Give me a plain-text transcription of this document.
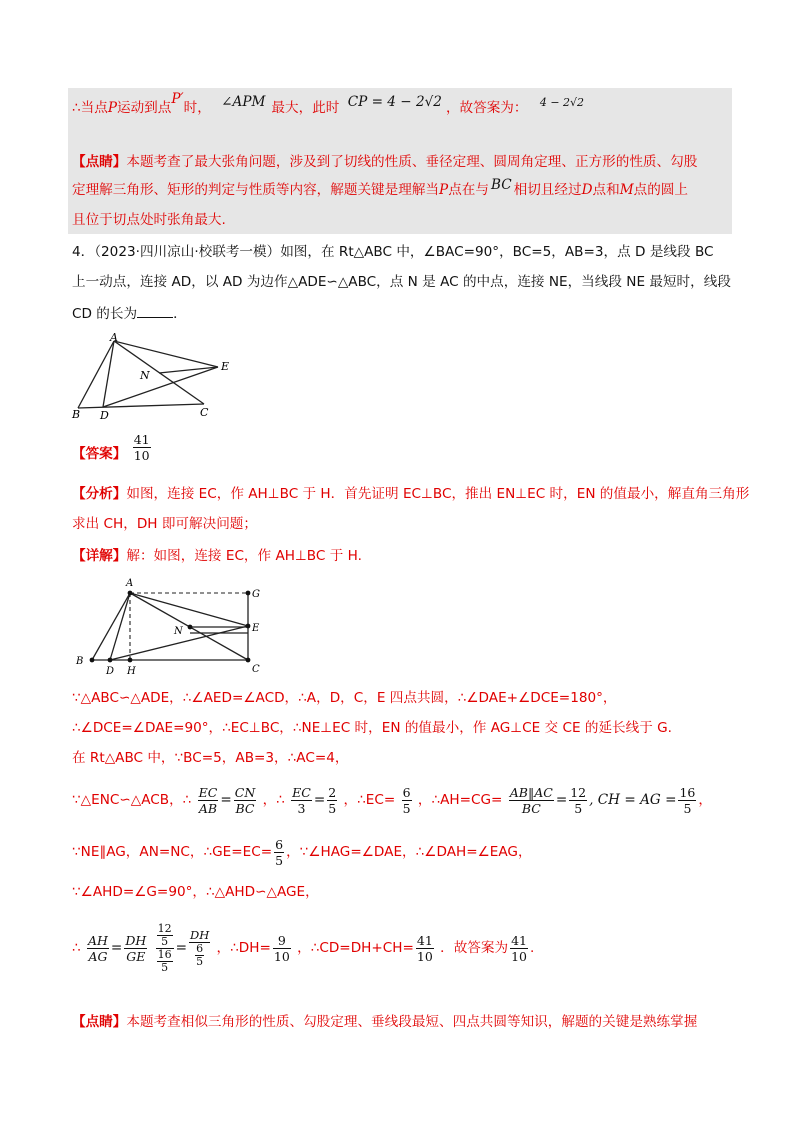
∴当点P运动到点P′时， ∠APM 最大，此时 CP = 4 − 2√2 ，故答案为： $^{4 - 2√2}$
【点睛】本题考查了最大张角问题，涉及到了切线的性质、垂径定理、圆周角定理、正方形的性质、勾股
定理解三角形、矩形的判定与性质等内容，解题关键是理解当P点在与 BC 相切且经过D点和M点的圆上
且位于切点处时张角最大.
4．（2023·四川凉山·校联考一模）如图，在 Rt△ABC 中，∠BAC=90°，BC=5，AB=3，点 D 是线段 BC
上一动点，连接 AD，以 AD 为边作△ADE∽△ABC，点 N 是 AC 的中点，连接 NE，当线段 NE 最短时，线段
CD 的长为	．
A
B	C
D
E
N
【答案】 $\frac{41}{10}$
【分析】如图，连接 EC，作 AH⊥BC 于 H．首先证明 EC⊥BC，推出 EN⊥EC 时，EN 的值最小，解直角三角形
求出 CH，DH 即可解决问题；
【详解】解：如图，连接 EC，作 AH⊥BC 于 H.
A
B
C
D
E
G
H
N
∵△ABC∽△ADE，∴∠AED=∠ACD，∴A，D，C，E 四点共圆，∴∠DAE+∠DCE=180°，
∴∠DCE=∠DAE=90°，∴EC⊥BC，∴NE⊥EC 时，EN 的值最小，作 AG⊥CE 交 CE 的延长线于 G.
在 Rt△ABC 中，∵BC=5，AB=3，∴AC=4，
∵△ENC∽△ACB，∴ $\frac{EC}{AB} = \frac{CN}{BC}$ ，∴ $\frac{EC}{3} = \frac{2}{5}$ ，∴EC= $\frac{6}{5}$ ，∴AH=CG= $\frac{AB‖AC}{BC} = \frac{12}{5}$ , CH = AG = $\frac{16}{5}$ ，
∵NE∥AG，AN=NC，∴GE=EC= $\frac{6}{5}$ ，∵∠HAG=∠DAE，∴∠DAH=∠EAG，
∵∠AHD=∠G=90°，∴△AHD∽△AGE，
∴ $\frac{AH}{AG} = \frac{DH}{GE}$
$\frac{\frac{12}{5}}{\frac{16}{5}} = \frac{DH}{\frac{6}{5}}$ ，∴DH= $\frac{9}{10}$ ，∴CD=DH+CH= $\frac{41}{10}$ ．故答案为 $\frac{41}{10}$ .
【点睛】本题考查相似三角形的性质、勾股定理、垂线段最短、四点共圆等知识，解题的关键是熟练掌握
